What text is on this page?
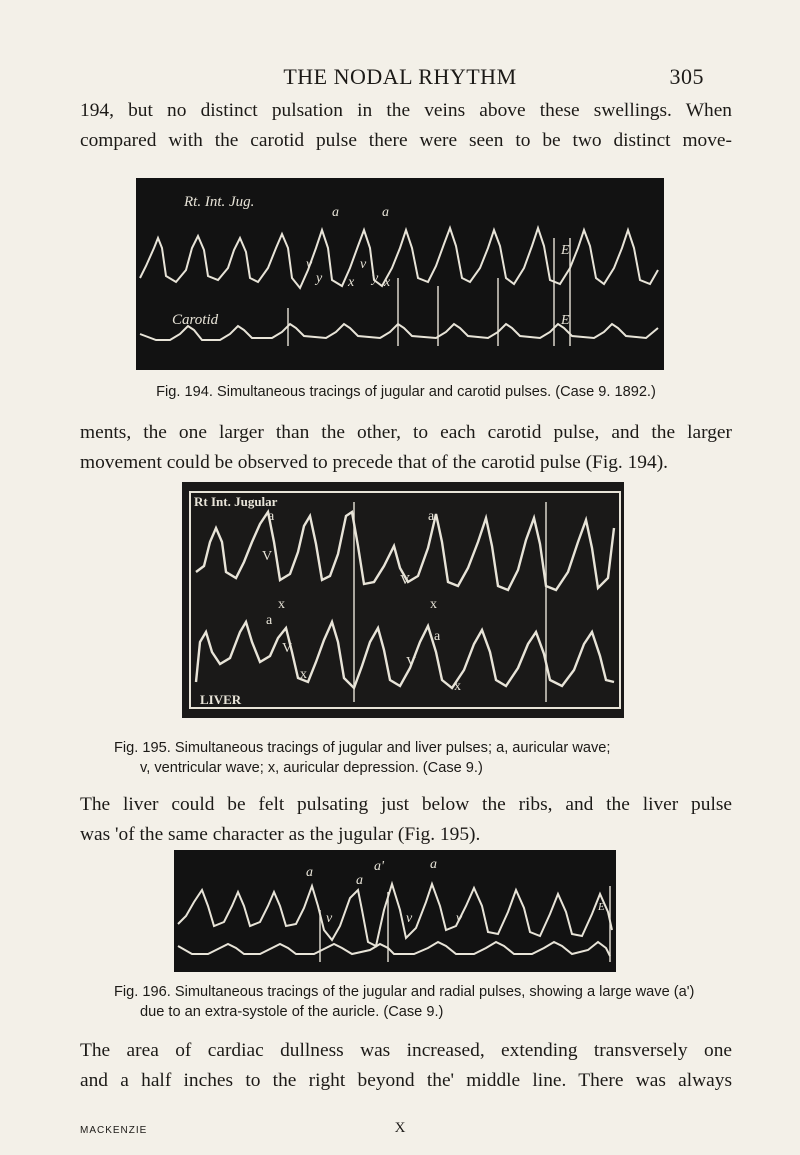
THE NODAL RHYTHM	305

194, but no distinct pulsation in the veins above these swellings. When

compared with the carotid pulse there were seen to be two distinct move-

Rt. Int. Jug.
Carotid
a	a
v	v
y	y
x x
E
E
Fig. 194. Simultaneous tracings of jugular and carotid pulses. (Case 9. 1892.)

ments, the one larger than the other, to each carotid pulse, and the larger

movement could be observed to precede that of the carotid pulse (Fig. 194).

Rt Int. Jugular
LIVER
a	a
V
V
x	x
a
a
V
V
x
x
Fig. 195. Simultaneous tracings of jugular and liver pulses; a, auricular wave;
v, ventricular wave; x, auricular depression. (Case 9.)

The liver could be felt pulsating just below the ribs, and the liver pulse

was 'of the same character as the jugular (Fig. 195).

a
a
a'	a
v	v	v
E
Fig. 196. Simultaneous tracings of the jugular and radial pulses, showing a large wave (a')
due to an extra-systole of the auricle. (Case 9.)

The area of cardiac dullness was increased, extending transversely one

and a half inches to the right beyond the' middle line. There was always

MACKENZIE	X
